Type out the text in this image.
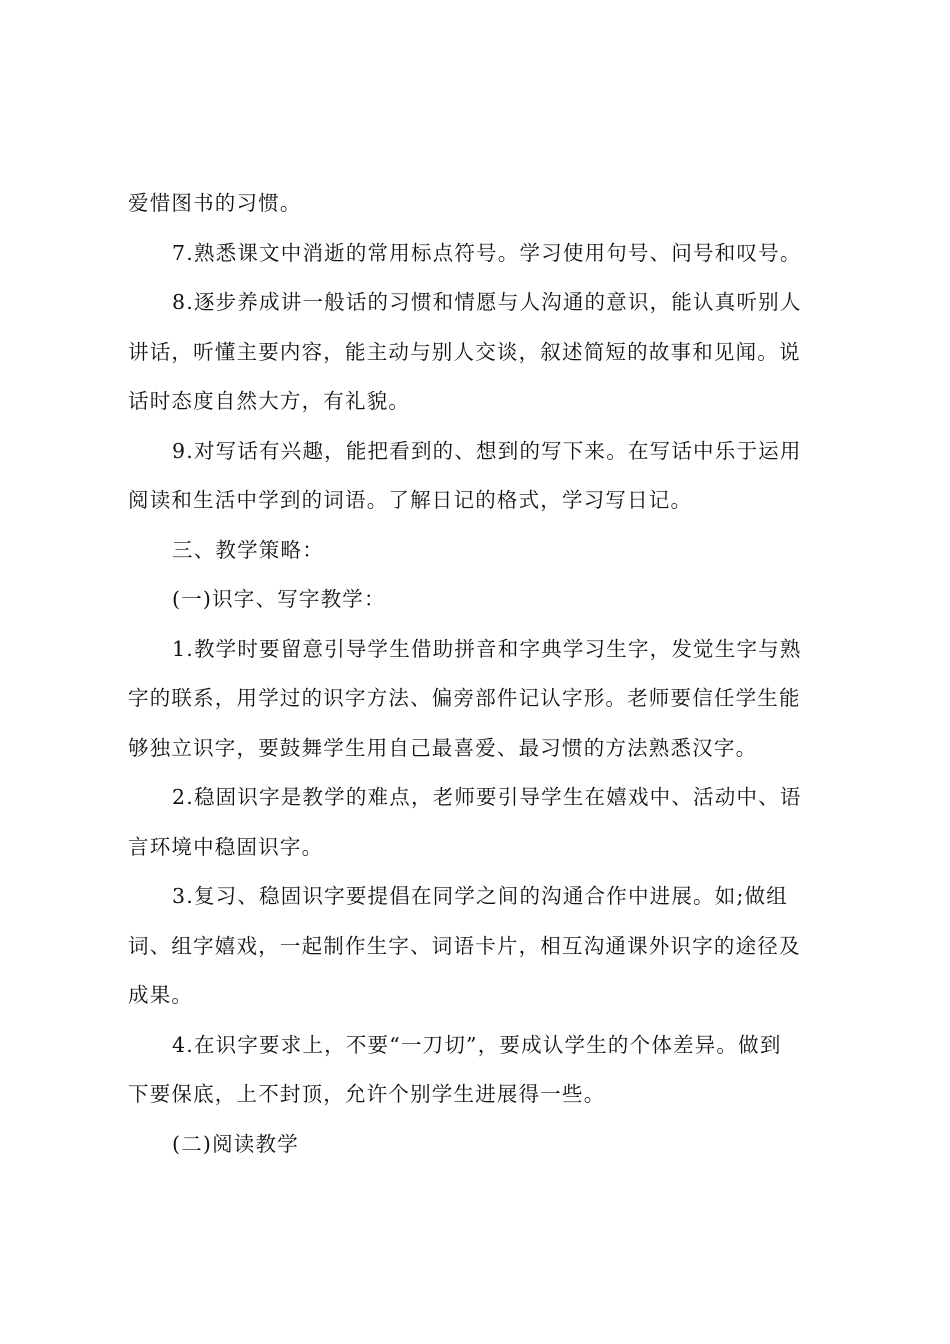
爱惜图书的习惯。

7.熟悉课文中消逝的常用标点符号。学习使用句号、问号和叹号。

8.逐步养成讲一般话的习惯和情愿与人沟通的意识，能认真听别人
讲话，听懂主要内容，能主动与别人交谈，叙述简短的故事和见闻。说
话时态度自然大方，有礼貌。

9.对写话有兴趣，能把看到的、想到的写下来。在写话中乐于运用
阅读和生活中学到的词语。了解日记的格式，学习写日记。

三、教学策略：

(一)识字、写字教学：

1.教学时要留意引导学生借助拼音和字典学习生字，发觉生字与熟
字的联系，用学过的识字方法、偏旁部件记认字形。老师要信任学生能
够独立识字，要鼓舞学生用自己最喜爱、最习惯的方法熟悉汉字。

2.稳固识字是教学的难点，老师要引导学生在嬉戏中、活动中、语
言环境中稳固识字。

3.复习、稳固识字要提倡在同学之间的沟通合作中进展。如;做组
词、组字嬉戏，一起制作生字、词语卡片，相互沟通课外识字的途径及
成果。

4.在识字要求上，不要“一刀切”，要成认学生的个体差异。做到
下要保底，上不封顶，允许个别学生进展得一些。

(二)阅读教学
